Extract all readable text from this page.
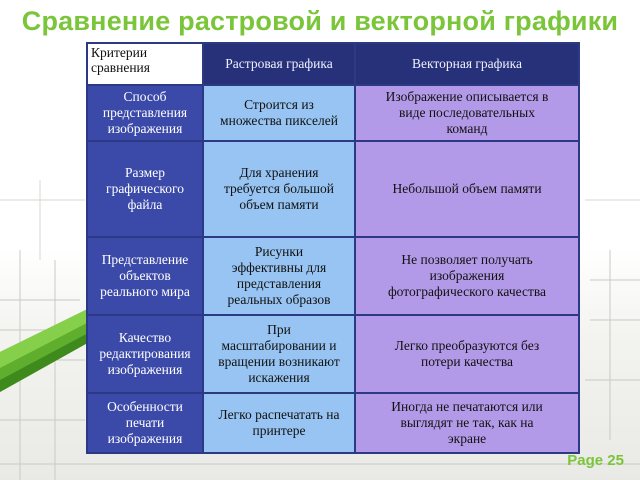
Сравнение растровой и векторной графики
Критерии
сравнения	Растровая графика	Векторная графика
Способ
представления
изображения
Строится из
множества пикселей
Изображение описывается в
виде последовательных
команд
Размер
графического
файла
Для хранения
требуется большой
объем памяти
Небольшой объем памяти
Представление
объектов
реального мира
Рисунки
эффективны для
представления
реальных образов
Не позволяет получать
изображения
фотографического качества
Качество
редактирования
изображения
При
масштабировании и
вращении возникают
искажения
Легко преобразуются без
потери качества
Особенности
печати
изображения
Легко распечатать на
принтере
Иногда не печатаются или
выглядят не так, как на
экране
Page 25
